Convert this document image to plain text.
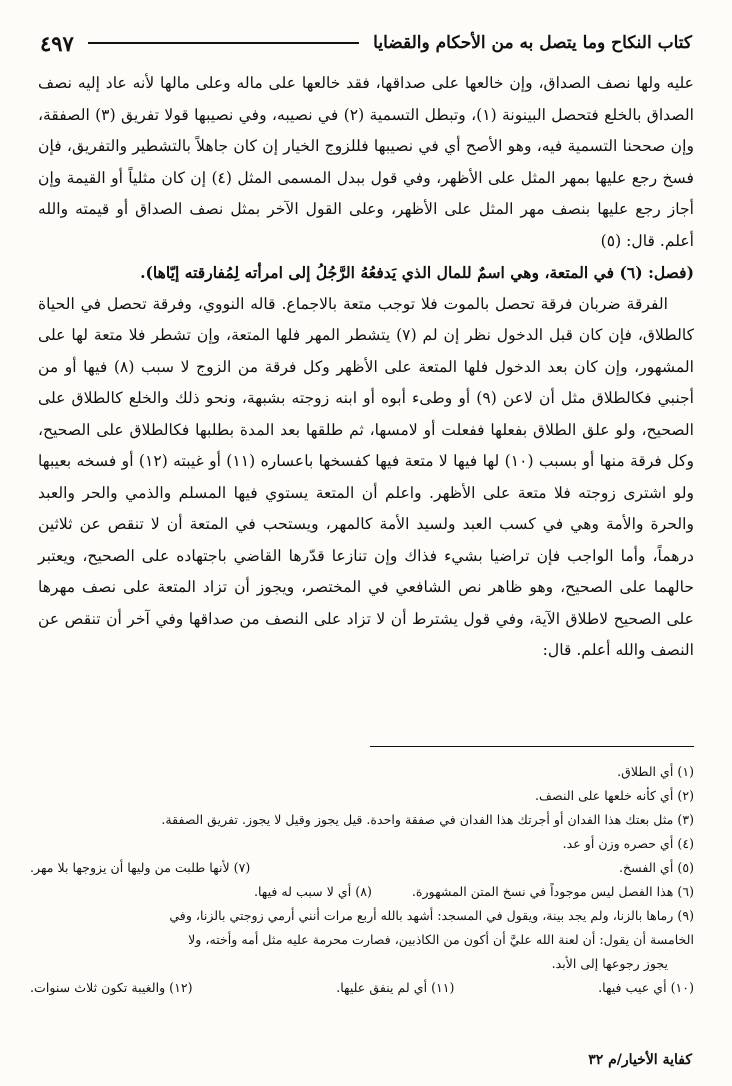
كتاب النكاح وما يتصل به من الأحكام والقضايا
٤٩٧

عليه ولها نصف الصداق، وإن خالعها على صداقها، فقد خالعها على ماله وعلى مالها لأنه عاد إليه نصف الصداق بالخلع فتحصل البينونة (١)، وتبطل التسمية (٢) في نصيبه، وفي نصيبها قولا تفريق (٣) الصفقة، وإن صححنا التسمية فيه، وهو الأصح أي في نصيبها فللزوج الخيار إن كان جاهلاً بالتشطير والتفريق، فإن فسخ رجع عليها بمهر المثل على الأظهر، وفي قول ببدل المسمى المثل (٤) إن كان مثلياً أو القيمة وإن أجاز رجع عليها بنصف مهر المثل على الأظهر، وعلى القول الآخر بمثل نصف الصداق أو قيمته والله أعلم. قال: (٥)

(فصل: (٦) في المتعة، وهي اسمٌ للمال الذي يَدفعُهُ الرَّجُلُ إلى امرأته لِمُفارقته إيّاها).

الفرقة ضربان فرقة تحصل بالموت فلا توجب متعة بالاجماع. قاله النووي، وفرقة تحصل في الحياة كالطلاق، فإن كان قبل الدخول نظر إن لم (٧) يتشطر المهر فلها المتعة، وإن تشطر فلا متعة لها على المشهور، وإن كان بعد الدخول فلها المتعة على الأظهر وكل فرقة من الزوج لا سبب (٨) فيها أو من أجنبي فكالطلاق مثل أن لاعن (٩) أو وطىء أبوه أو ابنه زوجته بشبهة، ونحو ذلك والخلع كالطلاق على الصحيح، ولو علق الطلاق بفعلها ففعلت أو لامسها، ثم طلقها بعد المدة بطلبها فكالطلاق على الصحيح، وكل فرقة منها أو بسبب (١٠) لها فيها لا متعة فيها كفسخها باعساره (١١) أو غيبته (١٢) أو فسخه بعيبها ولو اشترى زوجته فلا متعة على الأظهر. واعلم أن المتعة يستوي فيها المسلم والذمي والحر والعبد والحرة والأمة وهي في كسب العبد ولسيد الأمة كالمهر، ويستحب في المتعة أن لا تنقص عن ثلاثين درهماً، وأما الواجب فإن تراضيا بشيء فذاك وإن تنازعا قدّرها القاضي باجتهاده على الصحيح، ويعتبر حالهما على الصحيح، وهو ظاهر نص الشافعي في المختصر، ويجوز أن تزاد المتعة على نصف مهرها على الصحيح لاطلاق الآية، وفي قول يشترط أن لا تزاد على النصف من صداقها وفي آخر أن تنقص عن النصف والله أعلم. قال:

(١) أي الطلاق.

(٢) أي كأنه خلعها على النصف.

(٣) مثل بعتك هذا الفدان أو أجرتك هذا الفدان في صفقة واحدة. قيل يجوز وقيل لا يجوز. تفريق الصفقة.

(٤) أي حصره وزن أو عد.

(٥) أي الفسخ.
(٧) لأنها طلبت من وليها أن يزوجها بلا مهر.
(٦) هذا الفصل ليس موجوداً في نسخ المتن المشهورة.
(٨) أي لا سبب له فيها.

(٩) رماها بالزنا، ولم يجد بينة، ويقول في المسجد: أشهد بالله أربع مرات أنني أرمي زوجتي بالزنا، وفي

الخامسة أن يقول: أن لعنة الله عليَّ أن أكون من الكاذبين، فصارت محرمة عليه مثل أمه وأخته، ولا

يجوز رجوعها إلى الأبد.

(١٠) أي عيب فيها.
(١١) أي لم ينفق عليها.
(١٢) والغيبة تكون ثلاث سنوات.
كفاية الأخيار/م ٣٢
